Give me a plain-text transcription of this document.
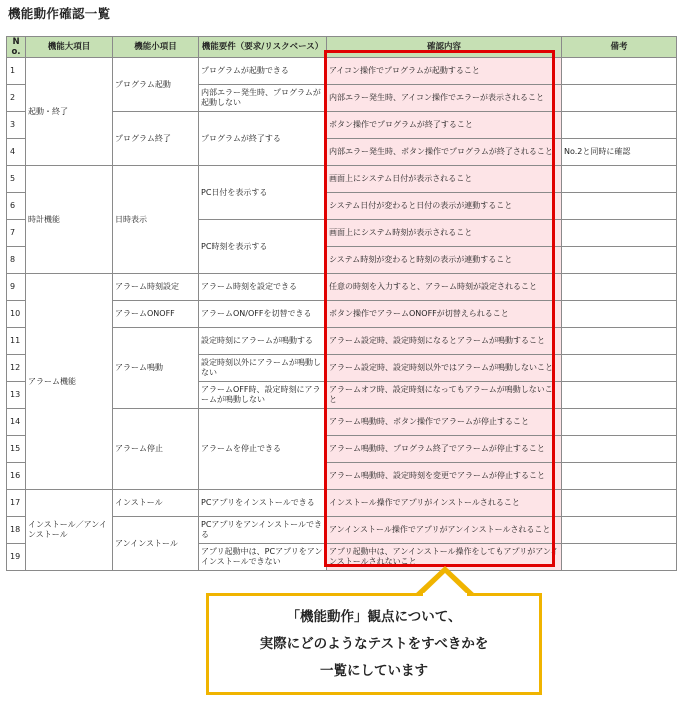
機能動作確認一覧
No.	機能大項目	機能小項目	機能要件（要求/リスクベース）	確認内容	備考
1	起動・終了	プログラム起動	プログラムが起動できる	アイコン操作でプログラムが起動すること	
2			内部エラー発生時、プログラムが起動しない	内部エラー発生時、アイコン操作でエラーが表示されること	
3		プログラム終了	プログラムが終了する	ボタン操作でプログラムが終了すること	
4				内部エラー発生時、ボタン操作でプログラムが終了されること	No.2と同時に確認
5	時計機能	日時表示	PC日付を表示する	画面上にシステム日付が表示されること	
6				システム日付が変わると日付の表示が連動すること	
7			PC時刻を表示する	画面上にシステム時刻が表示されること	
8				システム時刻が変わると時刻の表示が連動すること	
9	アラーム機能	アラーム時刻設定	アラーム時刻を設定できる	任意の時刻を入力すると、アラーム時刻が設定されること	
10		アラームONOFF	アラームON/OFFを切替できる	ボタン操作でアラームONOFFが切替えられること	
11		アラーム鳴動	設定時刻にアラームが鳴動する	アラーム設定時、設定時刻になるとアラームが鳴動すること	
12			設定時刻以外にアラームが鳴動しない	アラーム設定時、設定時刻以外ではアラームが鳴動しないこと	
13			アラームOFF時、設定時刻にアラームが鳴動しない	アラームオフ時、設定時刻になってもアラームが鳴動しないこと	
14		アラーム停止	アラームを停止できる	アラーム鳴動時、ボタン操作でアラームが停止すること	
15				アラーム鳴動時、プログラム終了でアラームが停止すること	
16				アラーム鳴動時、設定時刻を変更でアラームが停止すること	
17	インストール／アンインストール	インストール	PCアプリをインストールできる	インストール操作でアプリがインストールされること	
18		アンインストール	PCアプリをアンインストールできる	アンインストール操作でアプリがアンインストールされること	
19			アプリ起動中は、PCアプリをアンインストールできない	アプリ起動中は、アンインストール操作をしてもアプリがアンインストールされないこと	
「機能動作」観点について、
実際にどのようなテストをすべきかを
一覧にしています
